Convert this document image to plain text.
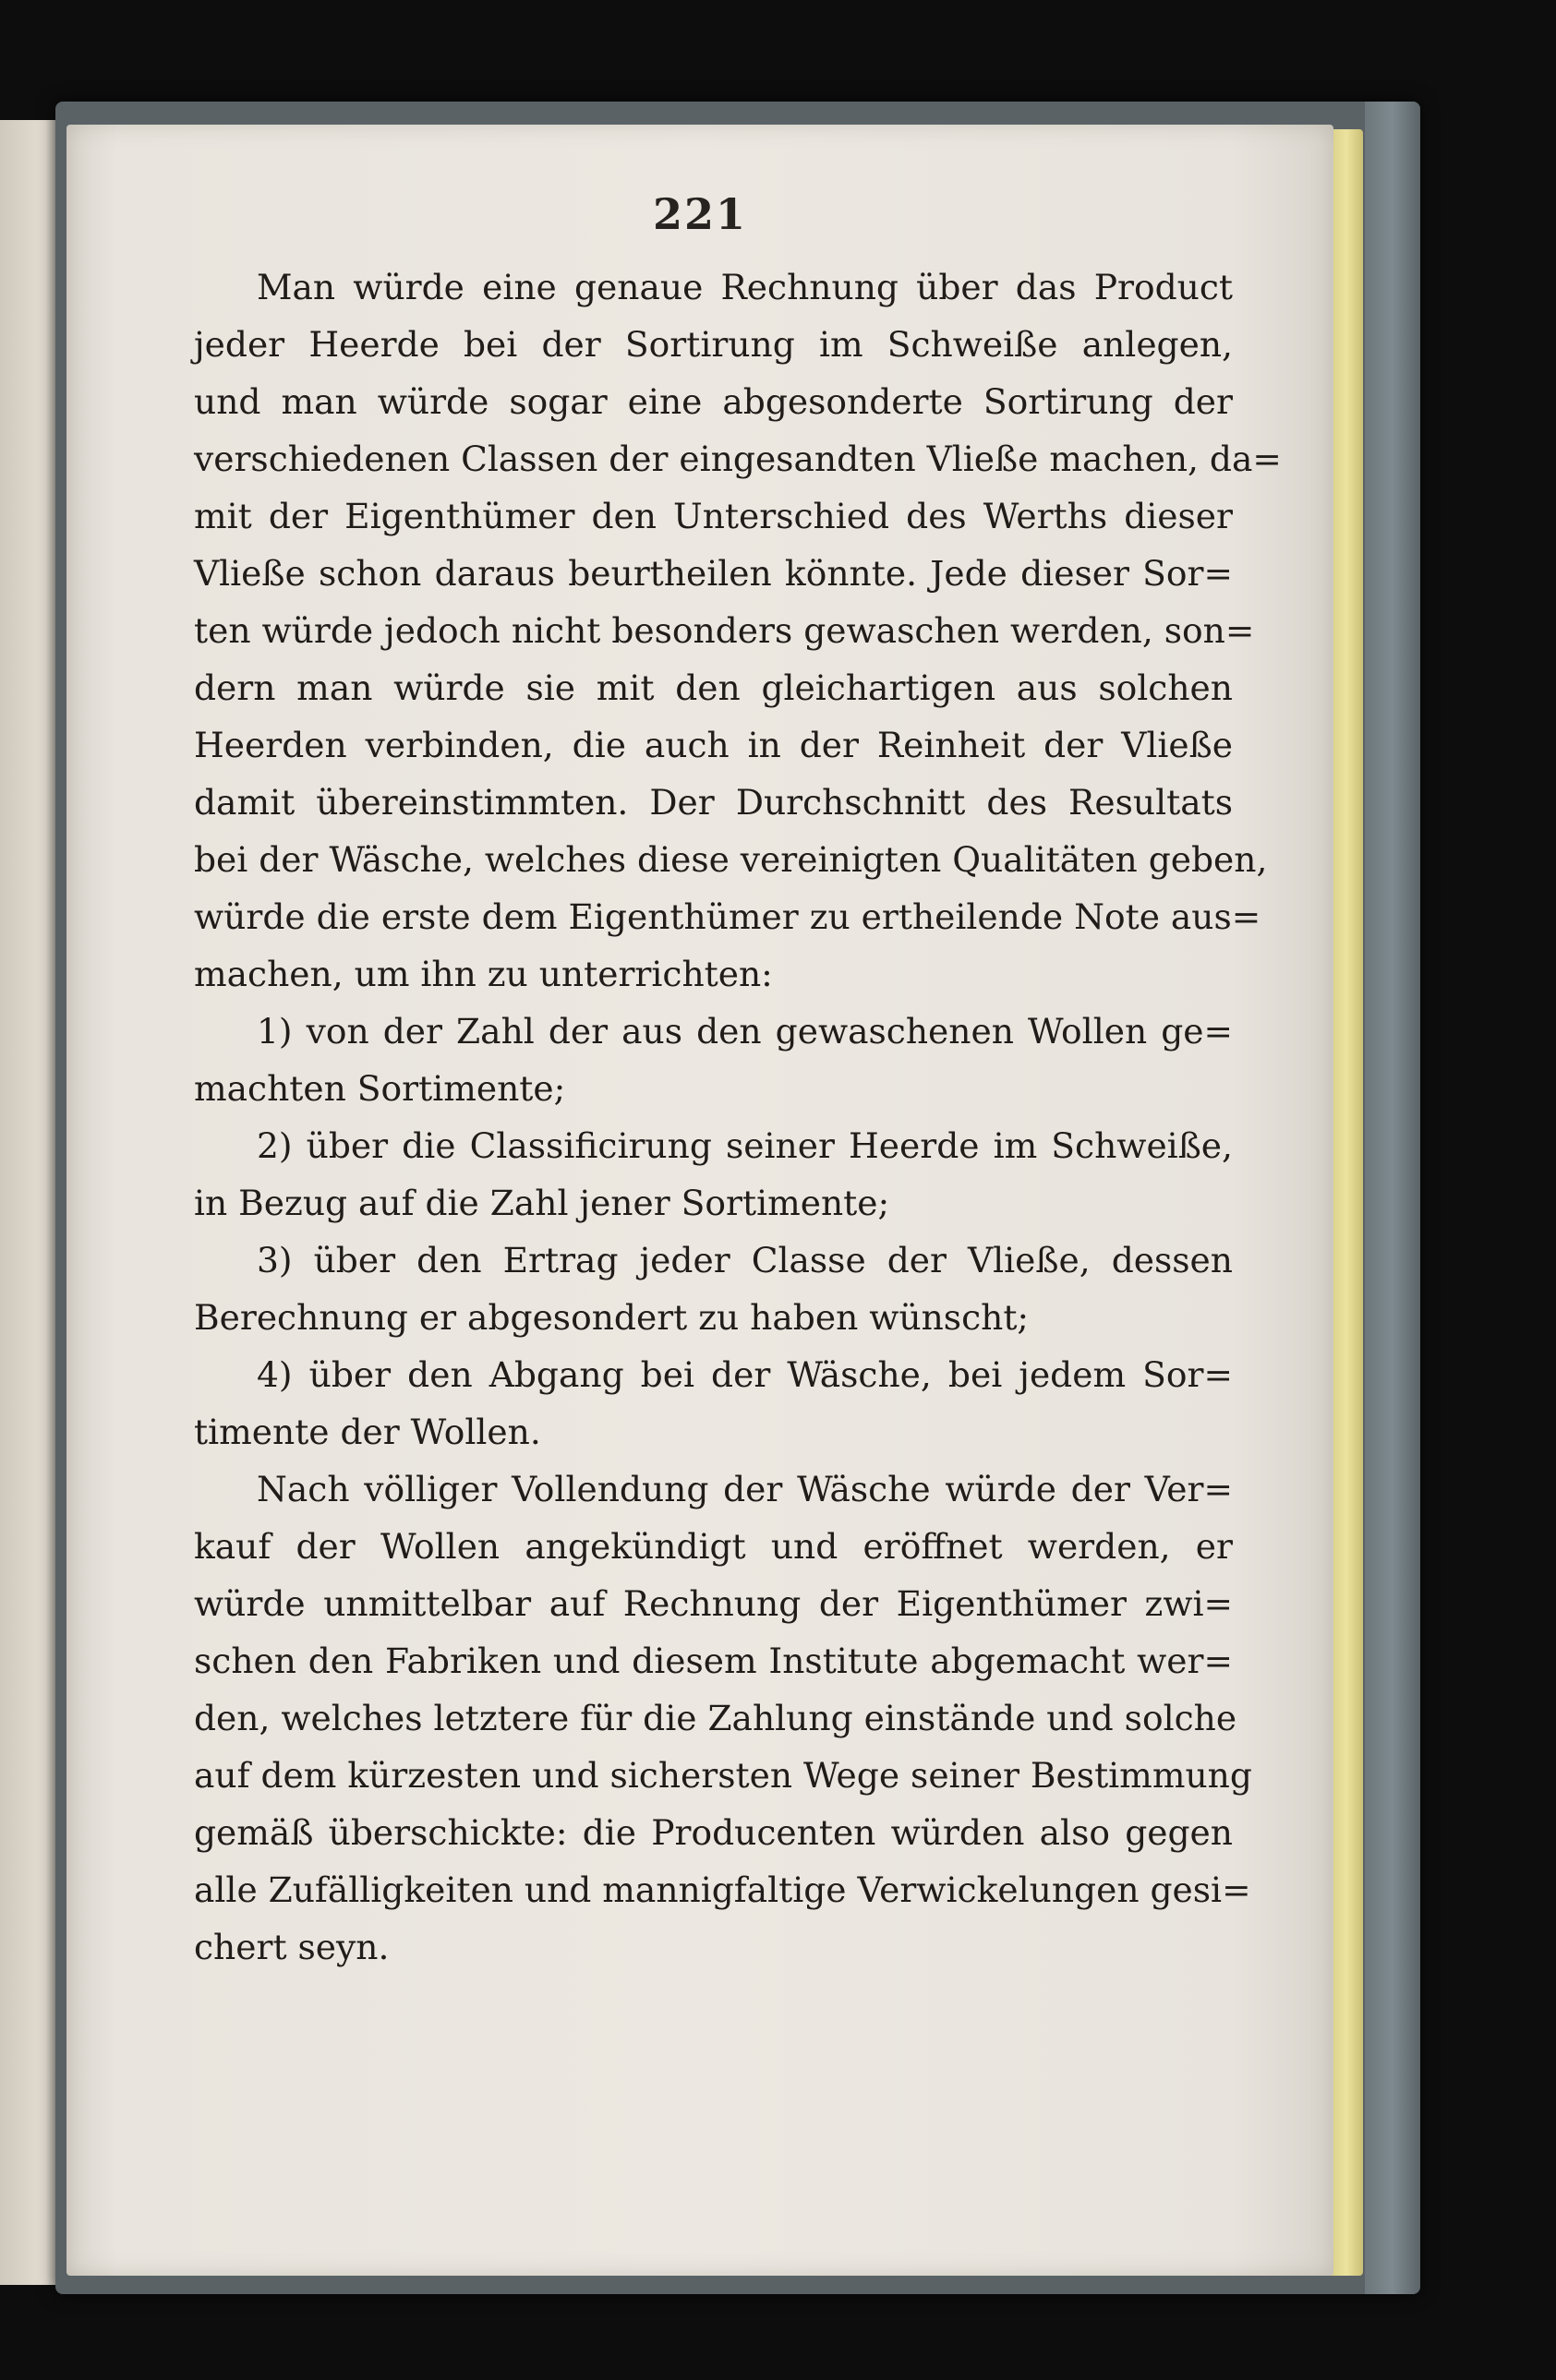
221
Man würde eine genaue Rechnung über das Product
jeder Heerde bei der Sortirung im Schweiße anlegen,
und man würde sogar eine abgesonderte Sortirung der
verschiedenen Classen der eingesandten Vließe machen, da=
mit der Eigenthümer den Unterschied des Werths dieser
Vließe schon daraus beurtheilen könnte. Jede dieser Sor=
ten würde jedoch nicht besonders gewaschen werden, son=
dern man würde sie mit den gleichartigen aus solchen
Heerden verbinden, die auch in der Reinheit der Vließe
damit übereinstimmten. Der Durchschnitt des Resultats
bei der Wäsche, welches diese vereinigten Qualitäten geben,
würde die erste dem Eigenthümer zu ertheilende Note aus=
machen, um ihn zu unterrichten:
1) von der Zahl der aus den gewaschenen Wollen ge=
machten Sortimente;
2) über die Classificirung seiner Heerde im Schweiße,
in Bezug auf die Zahl jener Sortimente;
3) über den Ertrag jeder Classe der Vließe, dessen
Berechnung er abgesondert zu haben wünscht;
4) über den Abgang bei der Wäsche, bei jedem Sor=
timente der Wollen.
Nach völliger Vollendung der Wäsche würde der Ver=
kauf der Wollen angekündigt und eröffnet werden, er
würde unmittelbar auf Rechnung der Eigenthümer zwi=
schen den Fabriken und diesem Institute abgemacht wer=
den, welches letztere für die Zahlung einstände und solche
auf dem kürzesten und sichersten Wege seiner Bestimmung
gemäß überschickte: die Producenten würden also gegen
alle Zufälligkeiten und mannigfaltige Verwickelungen gesi=
chert seyn.
